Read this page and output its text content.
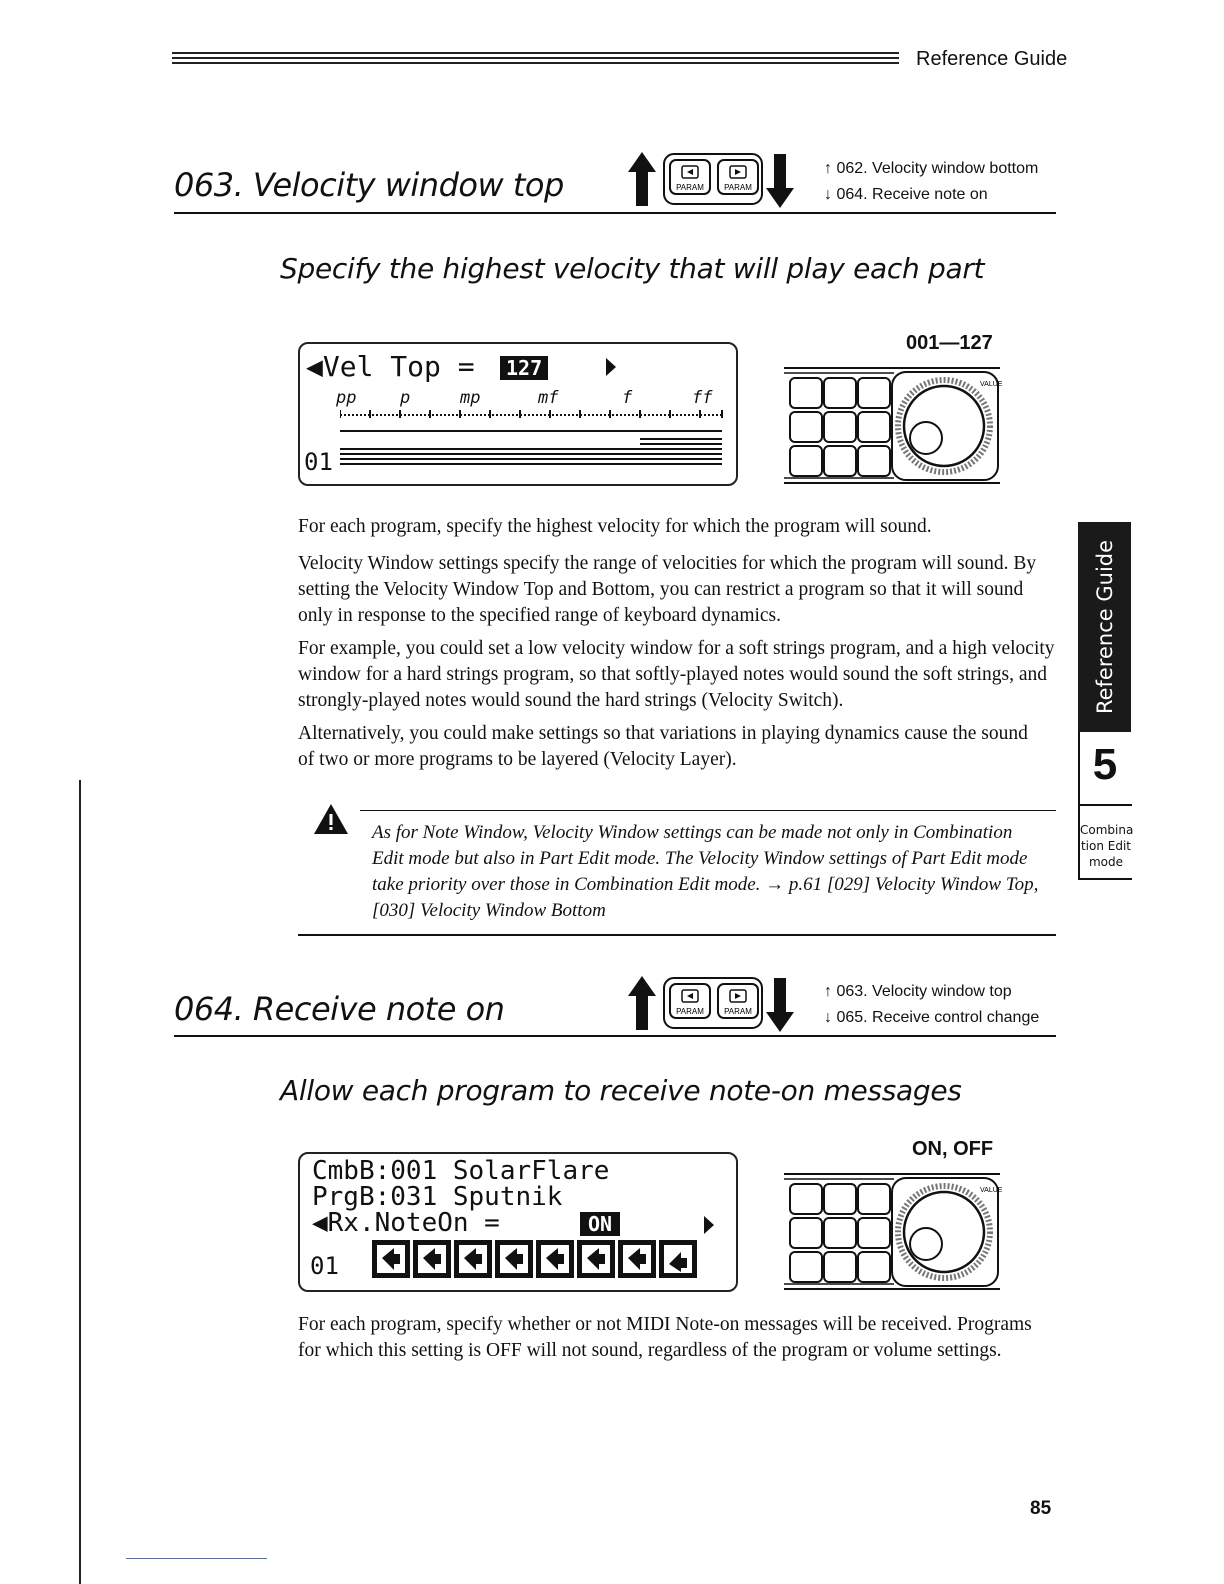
Reference Guide
063. Velocity window top	PARAM	PARAM
↑ 062. Velocity window bottom
↓ 064. Receive note on
Specify the highest velocity that will play each part
001—127
◀Vel Top =	127
pp	p	mp	mf	f	ff
01
VALUE
For each program, specify the highest velocity for which the program will sound.
Velocity Window settings specify the range of velocities for which the program will sound. By setting the Velocity Window Top and Bottom, you can restrict a program so that it will sound only in response to the specified range of keyboard dynamics.
For example, you could set a low velocity window for a soft strings program, and a high velocity window for a hard strings program, so that softly-played notes would sound the soft strings, and strongly-played notes would sound the hard strings (Velocity Switch).
Alternatively, you could make settings so that variations in playing dynamics cause the sound of two or more programs to be layered (Velocity Layer).
As for Note Window, Velocity Window settings can be made not only in Combination Edit mode but also in Part Edit mode. The Velocity Window settings of Part Edit mode take priority over those in Combination Edit mode. → p.61 [029] Velocity Window Top, [030] Velocity Window Bottom
064. Receive note on	PARAM	PARAM
↑ 063. Velocity window top
↓ 065. Receive control change
Allow each program to receive note-on messages
ON, OFF
CmbB:001 SolarFlare
PrgB:031 Sputnik
◀Rx.NoteOn =	ON
01
VALUE
For each program, specify whether or not MIDI Note-on messages will be received. Programs for which this setting is OFF will not sound, regardless of the program or volume settings.
Reference Guide
5
Combina
tion Edit
mode
85
